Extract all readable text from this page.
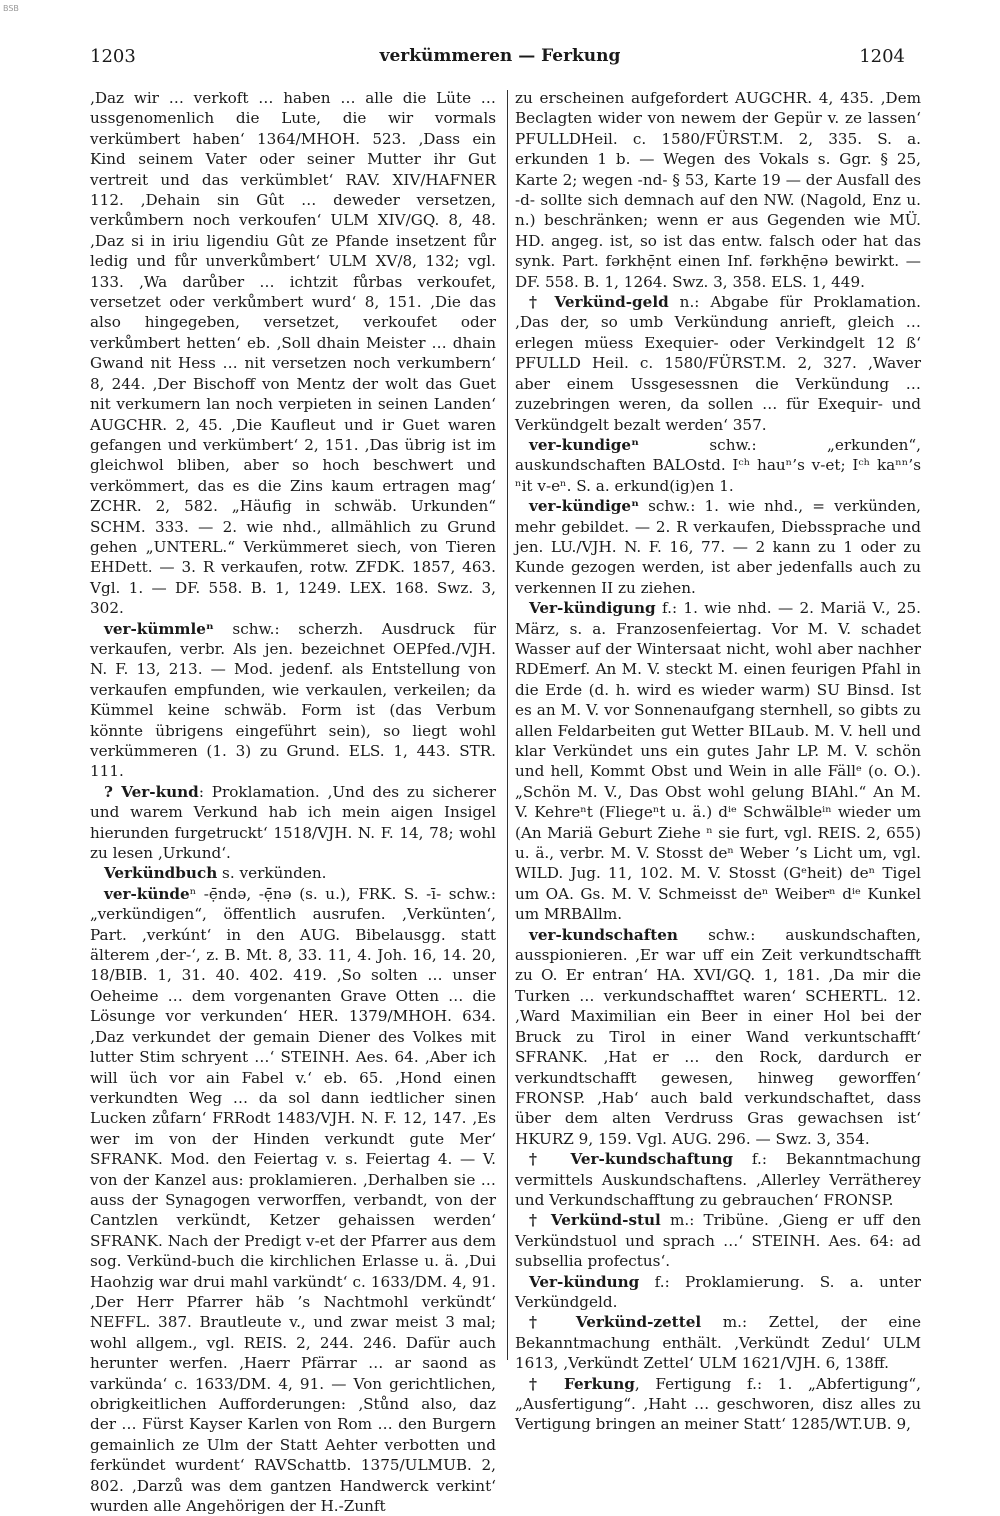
BSB
1203	verkümmeren — Ferkung	1204

‚Daz wir … verkoft … haben … alle die Lüte … ussgenomenlich die Lute, die wir vormals verkümbert haben‘ 1364/MHOH. 523. ‚Dass ein Kind seinem Vater oder seiner Mutter ihr Gut vertreit und das verkümblet‘ RAV. XIV/HAFNER 112. ‚Dehain sin Gût … deweder versetzen, verkůmbern noch verkoufen‘ ULM XIV/GQ. 8, 48. ‚Daz si in iriu ligendiu Gût ze Pfande insetzent fůr ledig und fůr unverkůmbert‘ ULM XV/8, 132; vgl. 133. ‚Wa darůber … ichtzit fůrbas verkoufet, versetzet oder verkůmbert wurd‘ 8, 151. ‚Die das also hingegeben, versetzet, verkoufet oder verkůmbert hetten‘ eb. ‚Soll dhain Meister … dhain Gwand nit Hess … nit versetzen noch verkumbern‘ 8, 244. ‚Der Bischoff von Mentz der wolt das Guet nit verkumern lan noch verpieten in seinen Landen‘ AUGCHR. 2, 45. ‚Die Kaufleut und ir Guet waren gefangen und verkümbert‘ 2, 151. ‚Das übrig ist im gleichwol bliben, aber so hoch beschwert und verkömmert, das es die Zins kaum ertragen mag‘ ZCHR. 2, 582. „Häufig in schwäb. Urkunden“ SCHM. 333. — 2. wie nhd., allmählich zu Grund gehen „UNTERL.“ Verkümmeret siech, von Tieren EHDett. — 3. R verkaufen, rotw. ZFDK. 1857, 463. Vgl. 1. — DF. 558. B. 1, 1249. LEX. 168. Swz. 3, 302.

ver-kümmleⁿ schw.: scherzh. Ausdruck für verkaufen, verbr. Als jen. bezeichnet OEPfed./VJH. N. F. 13, 213. — Mod. jedenf. als Entstellung von verkaufen empfunden, wie verkaulen, verkeilen; da Kümmel keine schwäb. Form ist (das Verbum könnte übrigens eingeführt sein), so liegt wohl verkümmeren (1. 3) zu Grund. ELS. 1, 443. STR. 111.

? Ver-kund: Proklamation. ‚Und des zu sicherer und warem Verkund hab ich mein aigen Insigel hierunden furgetruckt‘ 1518/VJH. N. F. 14, 78; wohl zu lesen ‚Urkund‘.

Verkündbuch s. verkünden.

ver-kündeⁿ -ẹ̄ndə, -ẹ̄nə (s. u.), FRK. S. -ī- schw.: „verkündigen“, öffentlich ausrufen. ‚Verkünten‘, Part. ‚verkúnt‘ in den AUG. Bibelausgg. statt älterem ‚der-‘, z. B. Mt. 8, 33. 11, 4. Joh. 16, 14. 20, 18/BIB. 1, 31. 40. 402. 419. ‚So solten … unser Oeheime … dem vorgenanten Grave Otten … die Lösunge vor verkunden‘ HER. 1379/MHOH. 634. ‚Daz verkundet der gemain Diener des Volkes mit lutter Stim schryent …‘ STEINH. Aes. 64. ‚Aber ich will üch vor ain Fabel v.‘ eb. 65. ‚Hond einen verkundten Weg … da sol dann iedtlicher sinen Lucken zůfarn‘ FRRodt 1483/VJH. N. F. 12, 147. ‚Es wer im von der Hinden verkundt gute Mer‘ SFRANK. Mod. den Feiertag v. s. Feiertag 4. — V. von der Kanzel aus: proklamieren. ‚Derhalben sie … auss der Synagogen verworffen, verbandt, von der Cantzlen verkündt, Ketzer gehaissen werden‘ SFRANK. Nach der Predigt v-et der Pfarrer aus dem sog. Verkünd-buch die kirchlichen Erlasse u. ä. ‚Dui Haohzig war drui mahl varkündt‘ c. 1633/DM. 4, 91. ‚Der Herr Pfarrer häb ’s Nachtmohl verkündt‘ NEFFL. 387. Brautleute v., und zwar meist 3 mal; wohl allgem., vgl. REIS. 2, 244. 246. Dafür auch herunter werfen. ‚Haerr Pfärrar … ar saond as varkünda‘ c. 1633/DM. 4, 91. — Von gerichtlichen, obrigkeitlichen Aufforderungen: ‚Stůnd also, daz der … Fürst Kayser Karlen von Rom … den Burgern gemainlich ze Ulm der Statt Aehter verbotten und ferkündet wurdent‘ RAVSchattb. 1375/ULMUB. 2, 802. ‚Darzů was dem gantzen Handwerck verkint‘ wurden alle Angehörigen der H.-Zunft

zu erscheinen aufgefordert AUGCHR. 4, 435. ‚Dem Beclagten wider von newem der Gepür v. ze lassen‘ PFULLDHeil. c. 1580/FÜRST.M. 2, 335. S. a. erkunden 1 b. — Wegen des Vokals s. Ggr. § 25, Karte 2; wegen -nd- § 53, Karte 19 — der Ausfall des -d- sollte sich demnach auf den NW. (Nagold, Enz u. n.) beschränken; wenn er aus Gegenden wie MÜ. HD. angeg. ist, so ist das entw. falsch oder hat das synk. Part. fərkhẹ̄nt einen Inf. fərkhẹ̄nə bewirkt. — DF. 558. B. 1, 1264. Swz. 3, 358. ELS. 1, 449.

† Verkünd-geld n.: Abgabe für Proklamation. ‚Das der, so umb Verkündung anrieft, gleich … erlegen müess Exequier- oder Verkindgelt 12 ß‘ PFULLD Heil. c. 1580/FÜRST.M. 2, 327. ‚Waver aber einem Ussgesessnen die Verkündung … zuzebringen weren, da sollen … für Exequir- und Verkündgelt bezalt werden‘ 357.

ver-kundigeⁿ schw.: „erkunden“, auskundschaften BALOstd. Iᶜʰ hauⁿ’s v-et; Iᶜʰ kaⁿⁿ’s ⁿit v-eⁿ. S. a. erkund(ig)en 1.

ver-kündigeⁿ schw.: 1. wie nhd., = verkünden, mehr gebildet. — 2. R verkaufen, Diebssprache und jen. LU./VJH. N. F. 16, 77. — 2 kann zu 1 oder zu Kunde gezogen werden, ist aber jedenfalls auch zu verkennen II zu ziehen.

Ver-kündigung f.: 1. wie nhd. — 2. Mariä V., 25. März, s. a. Franzosenfeiertag. Vor M. V. schadet Wasser auf der Wintersaat nicht, wohl aber nachher RDEmerf. An M. V. steckt M. einen feurigen Pfahl in die Erde (d. h. wird es wieder warm) SU Binsd. Ist es an M. V. vor Sonnenaufgang sternhell, so gibts zu allen Feldarbeiten gut Wetter BILaub. M. V. hell und klar Verkündet uns ein gutes Jahr LP. M. V. schön und hell, Kommt Obst und Wein in alle Fällᵉ (o. O.). „Schön M. V., Das Obst wohl gelung BIAhl.“ An M. V. Kehreⁿt (Fliegeⁿt u. ä.) dⁱᵉ Schwälbleⁱⁿ wieder um (An Mariä Geburt Ziehe ⁿ sie furt, vgl. REIS. 2, 655) u. ä., verbr. M. V. Stosst deⁿ Weber ’s Licht um, vgl. WILD. Jug. 11, 102. M. V. Stosst (Gᵉheit) deⁿ Tigel um OA. Gs. M. V. Schmeisst deⁿ Weiberⁿ dⁱᵉ Kunkel um MRBAllm.

ver-kundschaften schw.: auskundschaften, ausspionieren. ‚Er war uff ein Zeit verkundtschafft zu O. Er entran‘ HA. XVI/GQ. 1, 181. ‚Da mir die Turken … verkundschafftet waren‘ SCHERTL. 12. ‚Ward Maximilian ein Beer in einer Hol bei der Bruck zu Tirol in einer Wand verkuntschafft‘ SFRANK. ‚Hat er … den Rock, dardurch er verkundtschafft gewesen, hinweg geworffen‘ FRONSP. ‚Hab‘ auch bald verkundschaftet, dass über dem alten Verdruss Gras gewachsen ist‘ HKURZ 9, 159. Vgl. AUG. 296. — Swz. 3, 354.

† Ver-kundschaftung f.: Bekanntmachung vermittels Auskundschaftens. ‚Allerley Verrätherey und Verkundschafftung zu gebrauchen‘ FRONSP.

† Verkünd-stul m.: Tribüne. ‚Gieng er uff den Verkündstuol und sprach …‘ STEINH. Aes. 64: ad subsellia profectus‘.

Ver-kündung f.: Proklamierung. S. a. unter Verkündgeld.

† Verkünd-zettel m.: Zettel, der eine Bekanntmachung enthält. ‚Verkündt Zedul‘ ULM 1613, ‚Verkündt Zettel‘ ULM 1621/VJH. 6, 138ff.

† Ferkung, Fertigung f.: 1. „Abfertigung“, „Ausfertigung“. ‚Haht … geschworen, disz alles zu Vertigung bringen an meiner Statt‘ 1285/WT.UB. 9,
